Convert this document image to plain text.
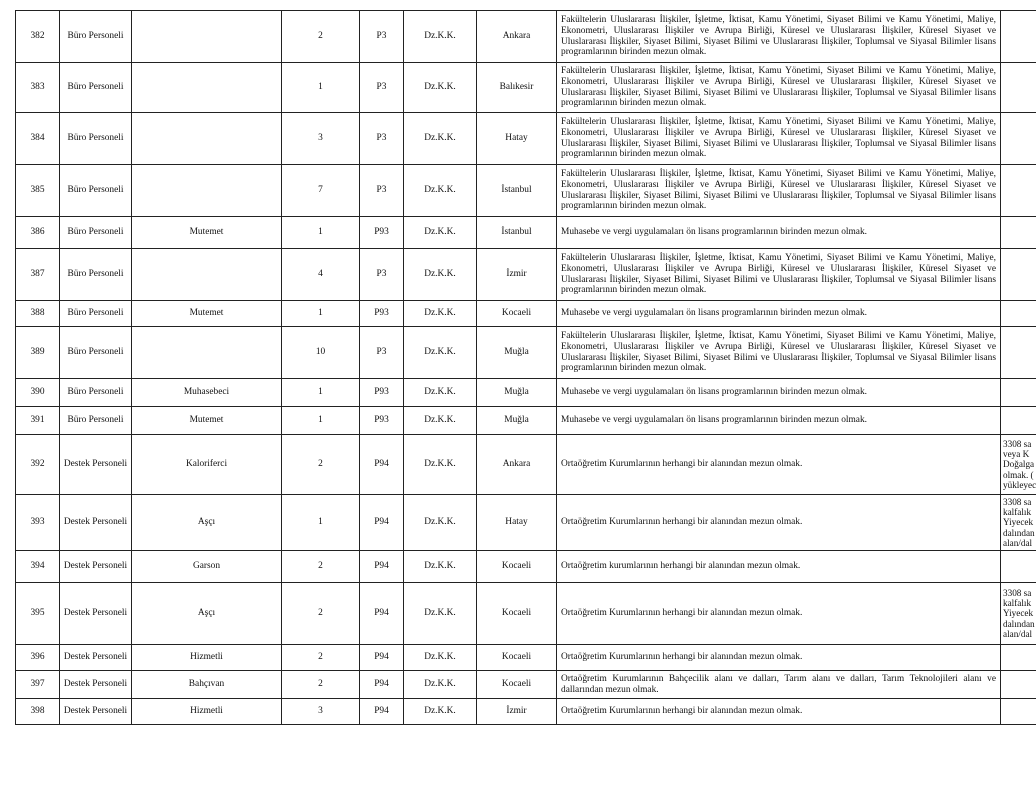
382	Büro Personeli		2	P3	Dz.K.K.	Ankara	Fakültelerin Uluslararası İlişkiler, İşletme, İktisat, Kamu Yönetimi, Siyaset Bilimi ve Kamu Yönetimi, Maliye, Ekonometri, Uluslararası İlişkiler ve Avrupa Birliği, Küresel ve Uluslararası İlişkiler, Küresel Siyaset ve Uluslararası İlişkiler, Siyaset Bilimi, Siyaset Bilimi ve Uluslararası İlişkiler, Toplumsal ve Siyasal Bilimler lisans programlarının birinden mezun olmak.	
383	Büro Personeli		1	P3	Dz.K.K.	Balıkesir	Fakültelerin Uluslararası İlişkiler, İşletme, İktisat, Kamu Yönetimi, Siyaset Bilimi ve Kamu Yönetimi, Maliye, Ekonometri, Uluslararası İlişkiler ve Avrupa Birliği, Küresel ve Uluslararası İlişkiler, Küresel Siyaset ve Uluslararası İlişkiler, Siyaset Bilimi, Siyaset Bilimi ve Uluslararası İlişkiler, Toplumsal ve Siyasal Bilimler lisans programlarının birinden mezun olmak.	
384	Büro Personeli		3	P3	Dz.K.K.	Hatay	Fakültelerin Uluslararası İlişkiler, İşletme, İktisat, Kamu Yönetimi, Siyaset Bilimi ve Kamu Yönetimi, Maliye, Ekonometri, Uluslararası İlişkiler ve Avrupa Birliği, Küresel ve Uluslararası İlişkiler, Küresel Siyaset ve Uluslararası İlişkiler, Siyaset Bilimi, Siyaset Bilimi ve Uluslararası İlişkiler, Toplumsal ve Siyasal Bilimler lisans programlarının birinden mezun olmak.	
385	Büro Personeli		7	P3	Dz.K.K.	İstanbul	Fakültelerin Uluslararası İlişkiler, İşletme, İktisat, Kamu Yönetimi, Siyaset Bilimi ve Kamu Yönetimi, Maliye, Ekonometri, Uluslararası İlişkiler ve Avrupa Birliği, Küresel ve Uluslararası İlişkiler, Küresel Siyaset ve Uluslararası İlişkiler, Siyaset Bilimi, Siyaset Bilimi ve Uluslararası İlişkiler, Toplumsal ve Siyasal Bilimler lisans programlarının birinden mezun olmak.	
386	Büro Personeli	Mutemet	1	P93	Dz.K.K.	İstanbul	Muhasebe ve vergi uygulamaları ön lisans programlarının birinden mezun olmak.	
387	Büro Personeli		4	P3	Dz.K.K.	İzmir	Fakültelerin Uluslararası İlişkiler, İşletme, İktisat, Kamu Yönetimi, Siyaset Bilimi ve Kamu Yönetimi, Maliye, Ekonometri, Uluslararası İlişkiler ve Avrupa Birliği, Küresel ve Uluslararası İlişkiler, Küresel Siyaset ve Uluslararası İlişkiler, Siyaset Bilimi, Siyaset Bilimi ve Uluslararası İlişkiler, Toplumsal ve Siyasal Bilimler lisans programlarının birinden mezun olmak.	
388	Büro Personeli	Mutemet	1	P93	Dz.K.K.	Kocaeli	Muhasebe ve vergi uygulamaları ön lisans programlarının birinden mezun olmak.	
389	Büro Personeli		10	P3	Dz.K.K.	Muğla	Fakültelerin Uluslararası İlişkiler, İşletme, İktisat, Kamu Yönetimi, Siyaset Bilimi ve Kamu Yönetimi, Maliye, Ekonometri, Uluslararası İlişkiler ve Avrupa Birliği, Küresel ve Uluslararası İlişkiler, Küresel Siyaset ve Uluslararası İlişkiler, Siyaset Bilimi, Siyaset Bilimi ve Uluslararası İlişkiler, Toplumsal ve Siyasal Bilimler lisans programlarının birinden mezun olmak.	
390	Büro Personeli	Muhasebeci	1	P93	Dz.K.K.	Muğla	Muhasebe ve vergi uygulamaları ön lisans programlarının birinden mezun olmak.	
391	Büro Personeli	Mutemet	1	P93	Dz.K.K.	Muğla	Muhasebe ve vergi uygulamaları ön lisans programlarının birinden mezun olmak.	
392	Destek Personeli	Kaloriferci	2	P94	Dz.K.K.	Ankara	Ortaöğretim Kurumlarının herhangi bir alanından mezun olmak.	3308 sa
veya K
Doğalga
olmak. (
yükleyec

393	Destek Personeli	Aşçı	1	P94	Dz.K.K.	Hatay	Ortaöğretim Kurumlarının herhangi bir alanından mezun olmak.	3308 sa
kalfalık
Yiyecek
dalından
alan/dal

394	Destek Personeli	Garson	2	P94	Dz.K.K.	Kocaeli	Ortaöğretim kurumlarının herhangi bir alanından mezun olmak.	
395	Destek Personeli	Aşçı	2	P94	Dz.K.K.	Kocaeli	Ortaöğretim Kurumlarının herhangi bir alanından mezun olmak.	3308 sa
kalfalık
Yiyecek
dalından
alan/dal

396	Destek Personeli	Hizmetli	2	P94	Dz.K.K.	Kocaeli	Ortaöğretim Kurumlarının herhangi bir alanından mezun olmak.	
397	Destek Personeli	Bahçıvan	2	P94	Dz.K.K.	Kocaeli	Ortaöğretim Kurumlarının Bahçecilik alanı ve dalları, Tarım alanı ve dalları, Tarım Teknolojileri alanı ve dallarından mezun olmak.	
398	Destek Personeli	Hizmetli	3	P94	Dz.K.K.	İzmir	Ortaöğretim Kurumlarının herhangi bir alanından mezun olmak.	
